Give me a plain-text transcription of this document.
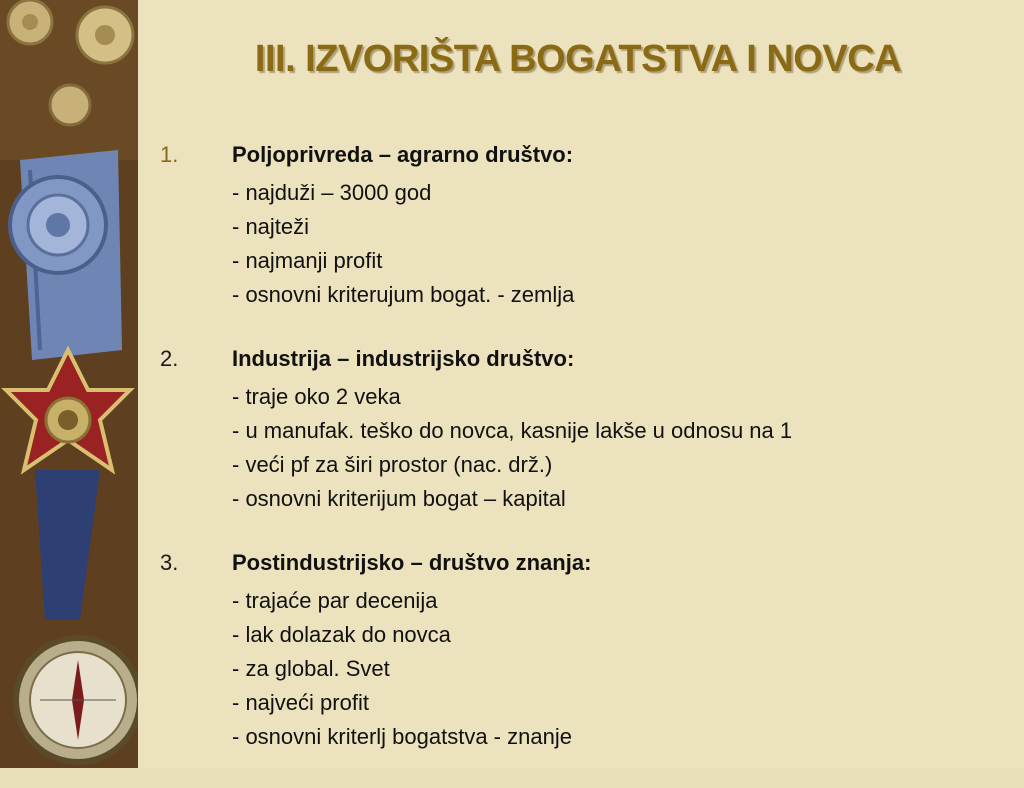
III. IZVORIŠTA BOGATSTVA I NOVCA
1.	Poljoprivreda – agrarno društvo:
- najduži – 3000 god
- najteži
- najmanji profit
- osnovni kriterujum bogat. - zemlja
2.	Industrija – industrijsko društvo:
- traje oko 2 veka
- u manufak. teško do novca, kasnije lakše u odnosu na 1
- veći pf za širi prostor (nac. drž.)
- osnovni kriterijum bogat – kapital
3.	Postindustrijsko – društvo znanja:
- trajaće par decenija
- lak dolazak do novca
- za global. Svet
- najveći profit
- osnovni kriterlj bogatstva - znanje
